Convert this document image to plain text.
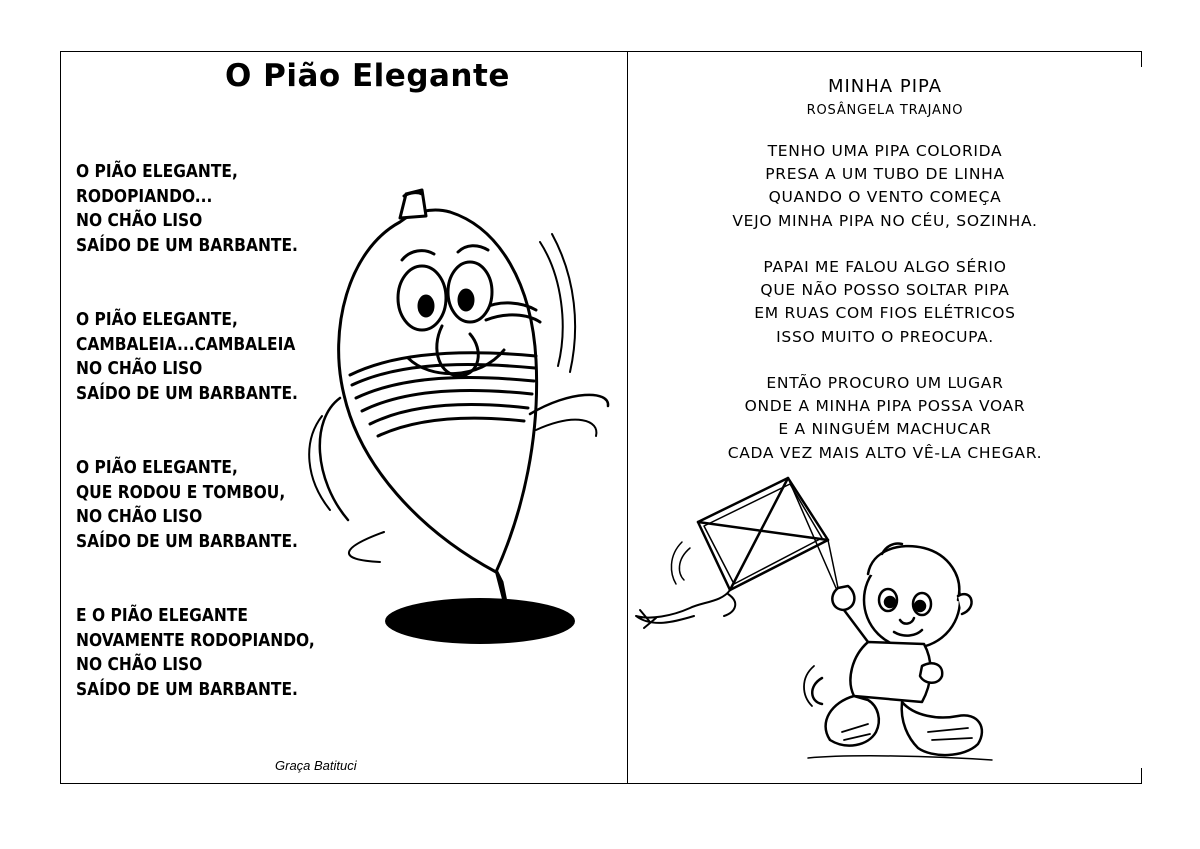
O Pião Elegante
O PIÃO ELEGANTE,
RODOPIANDO...
NO CHÃO LISO
SAÍDO DE UM BARBANTE.
O PIÃO ELEGANTE,
CAMBALEIA...CAMBALEIA
NO CHÃO LISO
SAÍDO DE UM BARBANTE.
O PIÃO ELEGANTE,
QUE RODOU E TOMBOU,
NO CHÃO LISO
SAÍDO DE UM BARBANTE.
E O PIÃO ELEGANTE
NOVAMENTE RODOPIANDO,
NO CHÃO LISO
SAÍDO DE UM BARBANTE.
Graça Batituci
MINHA PIPA
ROSÂNGELA TRAJANO
TENHO UMA PIPA COLORIDA
PRESA A UM TUBO DE LINHA
QUANDO O VENTO COMEÇA
VEJO MINHA PIPA NO CÉU, SOZINHA.
PAPAI ME FALOU ALGO SÉRIO
QUE NÃO POSSO SOLTAR PIPA
EM RUAS COM FIOS ELÉTRICOS
ISSO MUITO O PREOCUPA.
ENTÃO PROCURO UM LUGAR
ONDE A MINHA PIPA POSSA VOAR
E A NINGUÉM MACHUCAR
CADA VEZ MAIS ALTO VÊ-LA CHEGAR.
